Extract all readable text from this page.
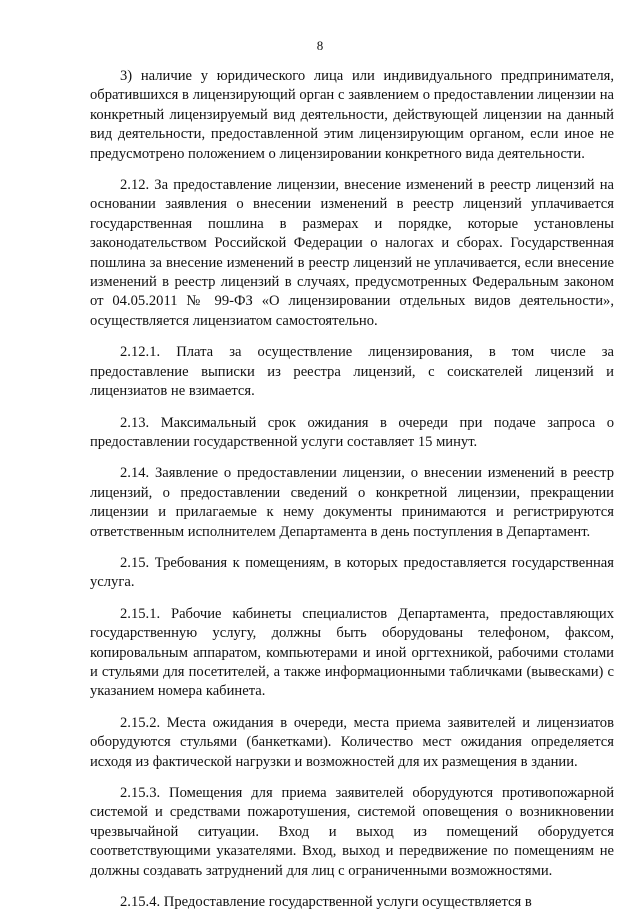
8

3) наличие у юридического лица или индивидуального предпринимателя, обратившихся в лицензирующий орган с заявлением о предоставлении лицензии на конкретный лицензируемый вид деятельности, действующей лицензии на данный вид деятельности, предоставленной этим лицензирующим органом, если иное не предусмотрено положением о лицензировании конкретного вида деятельности.

2.12. За предоставление лицензии, внесение изменений в реестр лицензий на основании заявления о внесении изменений в реестр лицензий уплачивается государственная пошлина в размерах и порядке, которые установлены законодательством Российской Федерации о налогах и сборах. Государственная пошлина за внесение изменений в реестр лицензий не уплачивается, если внесение изменений в реестр лицензий в случаях, предусмотренных Федеральным законом от 04.05.2011 № 99-ФЗ «О лицензировании отдельных видов деятельности», осуществляется лицензиатом самостоятельно.

2.12.1. Плата за осуществление лицензирования, в том числе за предоставление выписки из реестра лицензий, с соискателей лицензий и лицензиатов не взимается.

2.13. Максимальный срок ожидания в очереди при подаче запроса о предоставлении государственной услуги составляет 15 минут.

2.14. Заявление о предоставлении лицензии, о внесении изменений в реестр лицензий, о предоставлении сведений о конкретной лицензии, прекращении лицензии и прилагаемые к нему документы принимаются и регистрируются ответственным исполнителем Департамента в день поступления в Департамент.

2.15. Требования к помещениям, в которых предоставляется государственная услуга.

2.15.1. Рабочие кабинеты специалистов Департамента, предоставляющих государственную услугу, должны быть оборудованы телефоном, факсом, копировальным аппаратом, компьютерами и иной оргтехникой, рабочими столами и стульями для посетителей, а также информационными табличками (вывесками) с указанием номера кабинета.

2.15.2. Места ожидания в очереди, места приема заявителей и лицензиатов оборудуются стульями (банкетками). Количество мест ожидания определяется исходя из фактической нагрузки и возможностей для их размещения в здании.

2.15.3. Помещения для приема заявителей оборудуются противопожарной системой и средствами пожаротушения, системой оповещения о возникновении чрезвычайной ситуации. Вход и выход из помещений оборудуется соответствующими указателями. Вход, выход и передвижение по помещениям не должны создавать затруднений для лиц с ограниченными возможностями.

2.15.4. Предоставление государственной услуги осуществляется в
